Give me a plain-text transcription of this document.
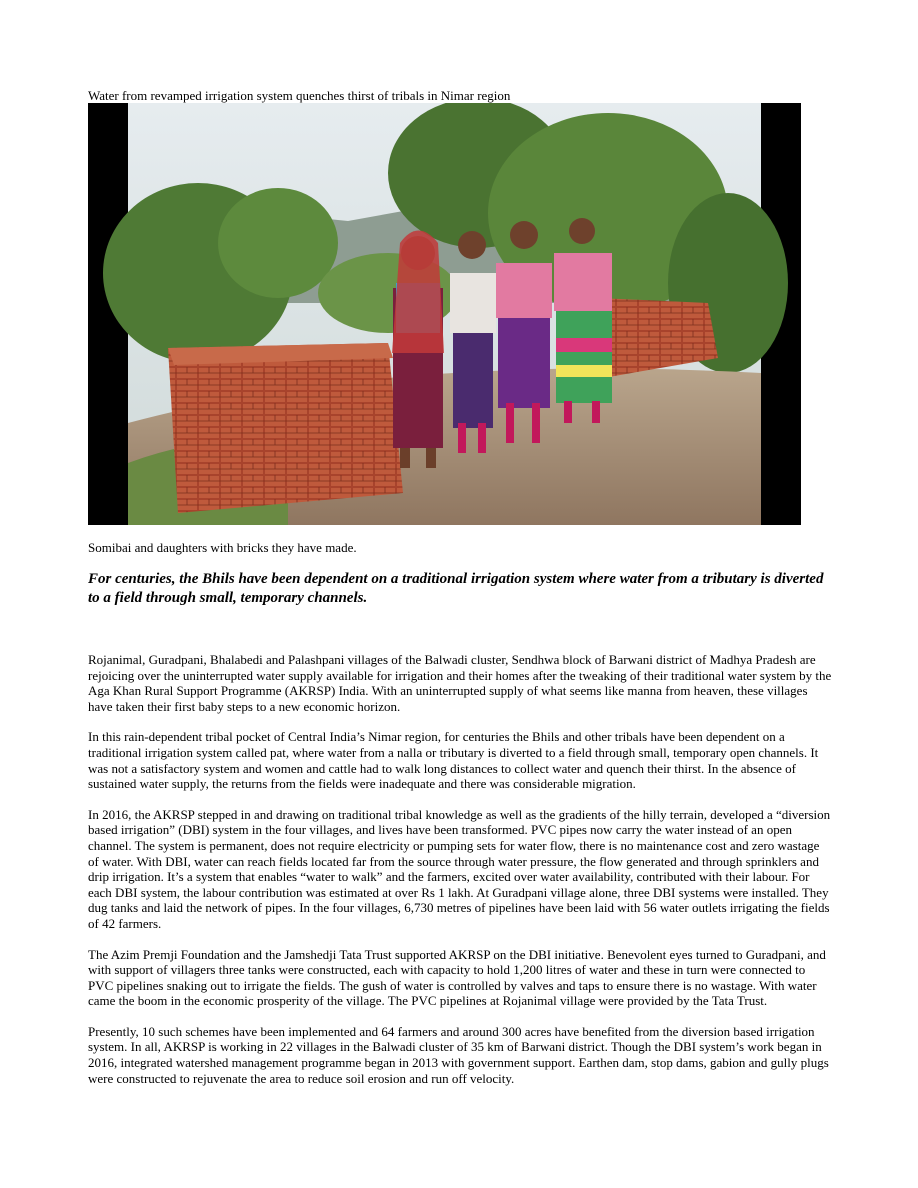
Water from revamped irrigation system quenches thirst of tribals in Nimar region

Somibai and daughters with bricks they have made.

For centuries, the Bhils have been dependent on a traditional irrigation system where water from a tributary is diverted to a field through small, temporary channels.

Rojanimal, Guradpani, Bhalabedi and Palashpani villages of the Balwadi cluster, Sendhwa block of Barwani district of Madhya Pradesh are rejoicing over the uninterrupted water supply available for irrigation and their homes after the tweaking of their traditional water system by the Aga Khan Rural Support Programme (AKRSP) India. With an uninterrupted supply of what seems like manna from heaven, these villages have taken their first baby steps to a new economic horizon.

In this rain-dependent tribal pocket of Central India’s Nimar region, for centuries the Bhils and other tribals have been dependent on a traditional irrigation system called pat, where water from a nalla or tributary is diverted to a field through small, temporary open channels. It was not a satisfactory system and women and cattle had to walk long distances to collect water and quench their thirst. In the absence of sustained water supply, the returns from the fields were inadequate and there was considerable migration.

In 2016, the AKRSP stepped in and drawing on traditional tribal knowledge as well as the gradients of the hilly terrain, developed a “diversion based irrigation” (DBI) system in the four villages, and lives have been transformed. PVC pipes now carry the water instead of an open channel. The system is permanent, does not require electricity or pumping sets for water flow, there is no maintenance cost and zero wastage of water. With DBI, water can reach fields located far from the source through water pressure, the flow generated and through sprinklers and drip irrigation. It’s a system that enables “water to walk” and the farmers, excited over water availability, contributed with their labour. For each DBI system, the labour contribution was estimated at over Rs 1 lakh. At Guradpani village alone, three DBI systems were installed. They dug tanks and laid the network of pipes. In the four villages, 6,730 metres of pipelines have been laid with 56 water outlets irrigating the fields of 42 farmers.

The Azim Premji Foundation and the Jamshedji Tata Trust supported AKRSP on the DBI initiative. Benevolent eyes turned to Guradpani, and with support of villagers three tanks were constructed, each with capacity to hold 1,200 litres of water and these in turn were connected to PVC pipelines snaking out to irrigate the fields. The gush of water is controlled by valves and taps to ensure there is no wastage. With water came the boom in the economic prosperity of the village. The PVC pipelines at Rojanimal village were provided by the Tata Trust.

Presently, 10 such schemes have been implemented and 64 farmers and around 300 acres have benefited from the diversion based irrigation system. In all, AKRSP is working in 22 villages in the Balwadi cluster of 35 km of Barwani district. Though the DBI system’s work began in 2016, integrated watershed management programme began in 2013 with government support. Earthen dam, stop dams, gabion and gully plugs were constructed to rejuvenate the area to reduce soil erosion and run off velocity.
